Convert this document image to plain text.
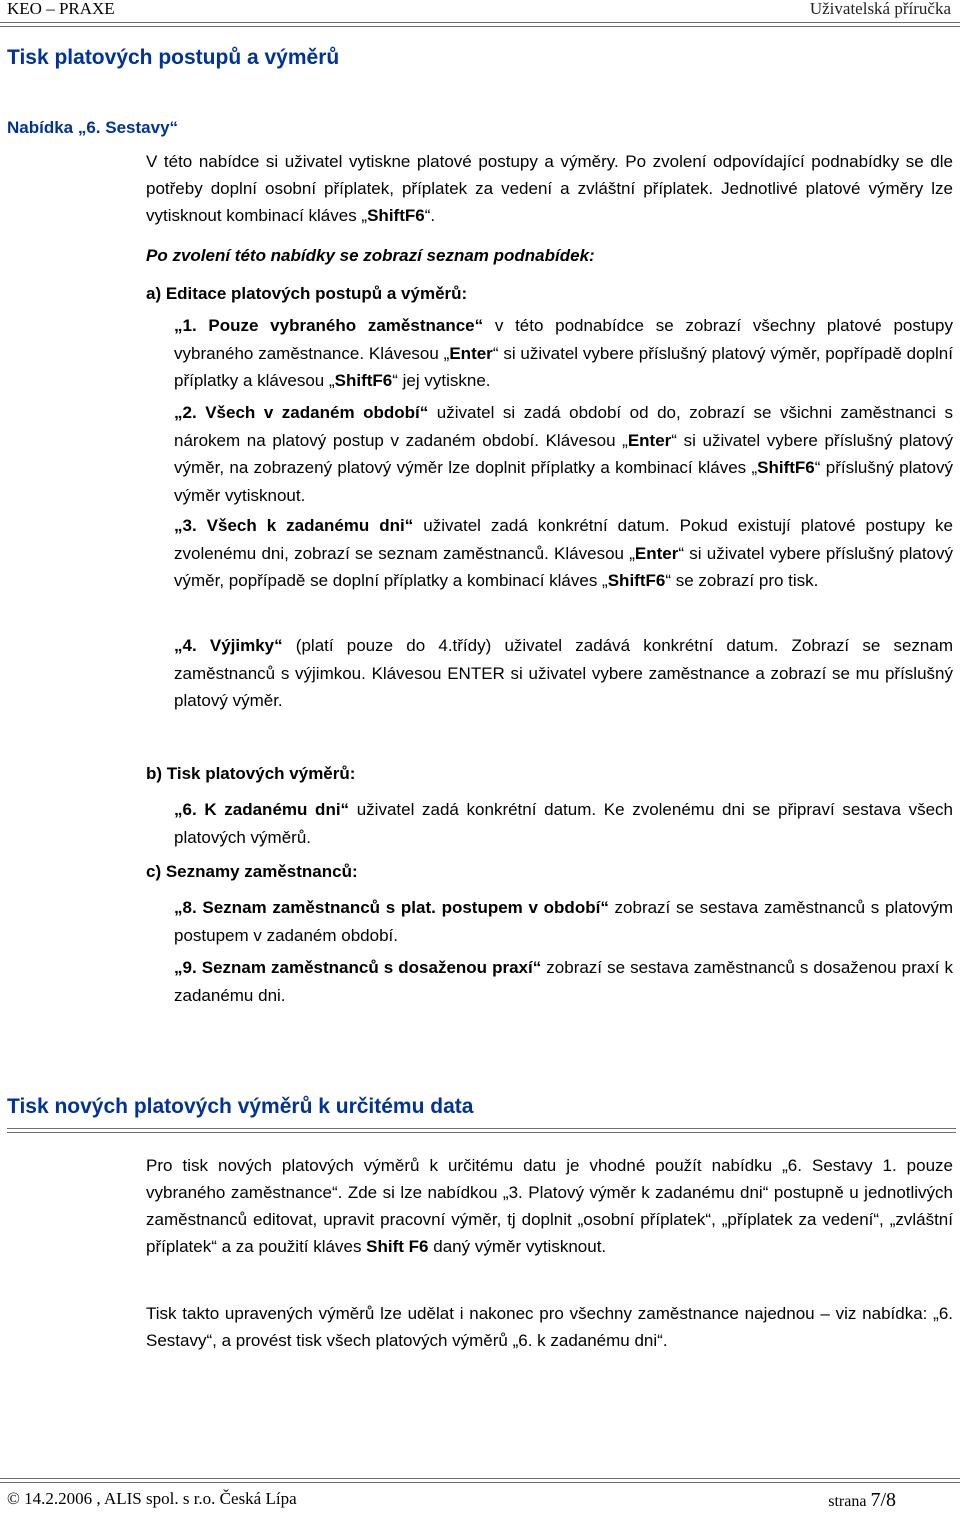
KEO – PRAXE	Uživatelská příručka
Tisk platových postupů a výměrů
Nabídka „6. Sestavy“
V této nabídce si uživatel vytiskne platové postupy a výměry. Po zvolení odpovídající podnabídky se dle potřeby doplní osobní příplatek, příplatek za vedení a zvláštní příplatek. Jednotlivé platové výměry lze vytisknout kombinací kláves „ShiftF6“.
Po zvolení této nabídky se zobrazí seznam podnabídek:
a) Editace platových postupů a výměrů:
„1. Pouze vybraného zaměstnance“ v této podnabídce se zobrazí všechny platové postupy vybraného zaměstnance. Klávesou „Enter“ si uživatel vybere příslušný platový výměr, popřípadě doplní příplatky a klávesou „ShiftF6“ jej vytiskne.
„2. Všech v zadaném období“ uživatel si zadá období od do, zobrazí se všichni zaměstnanci s nárokem na platový postup v zadaném období. Klávesou „Enter“ si uživatel vybere příslušný platový výměr, na zobrazený platový výměr lze doplnit příplatky a kombinací kláves „ShiftF6“ příslušný platový výměr vytisknout.
„3. Všech k zadanému dni“ uživatel zadá konkrétní datum. Pokud existují platové postupy ke zvolenému dni, zobrazí se seznam zaměstnanců. Klávesou „Enter“ si uživatel vybere příslušný platový výměr, popřípadě se doplní příplatky a kombinací kláves „ShiftF6“ se zobrazí pro tisk.
„4. Výjimky“ (platí pouze do 4.třídy) uživatel zadává konkrétní datum. Zobrazí se seznam zaměstnanců s výjimkou. Klávesou ENTER si uživatel vybere zaměstnance a zobrazí se mu příslušný platový výměr.
b) Tisk platových výměrů:
„6. K zadanému dni“ uživatel zadá konkrétní datum. Ke zvolenému dni se připraví sestava všech platových výměrů.
c) Seznamy zaměstnanců:
„8. Seznam zaměstnanců s plat. postupem v období“ zobrazí se sestava zaměstnanců s platovým postupem v zadaném období.
„9. Seznam zaměstnanců s dosaženou praxí“ zobrazí se sestava zaměstnanců s dosaženou praxí k zadanému dni.
Tisk nových platových výměrů k určitému data
Pro tisk nových platových výměrů k určitému datu je vhodné použít nabídku „6. Sestavy 1. pouze vybraného zaměstnance“. Zde si lze nabídkou „3. Platový výměr k zadanému dni“ postupně u jednotlivých zaměstnanců editovat, upravit pracovní výměr, tj doplnit „osobní příplatek“, „příplatek za vedení“, „zvláštní příplatek“ a za použití kláves Shift F6 daný výměr vytisknout.
Tisk takto upravených výměrů lze udělat i nakonec pro všechny zaměstnance najednou – viz nabídka: „6. Sestavy“, a provést tisk všech platových výměrů „6. k zadanému dni“.
© 14.2.2006 , ALIS spol. s r.o. Česká Lípa	strana 7/8
